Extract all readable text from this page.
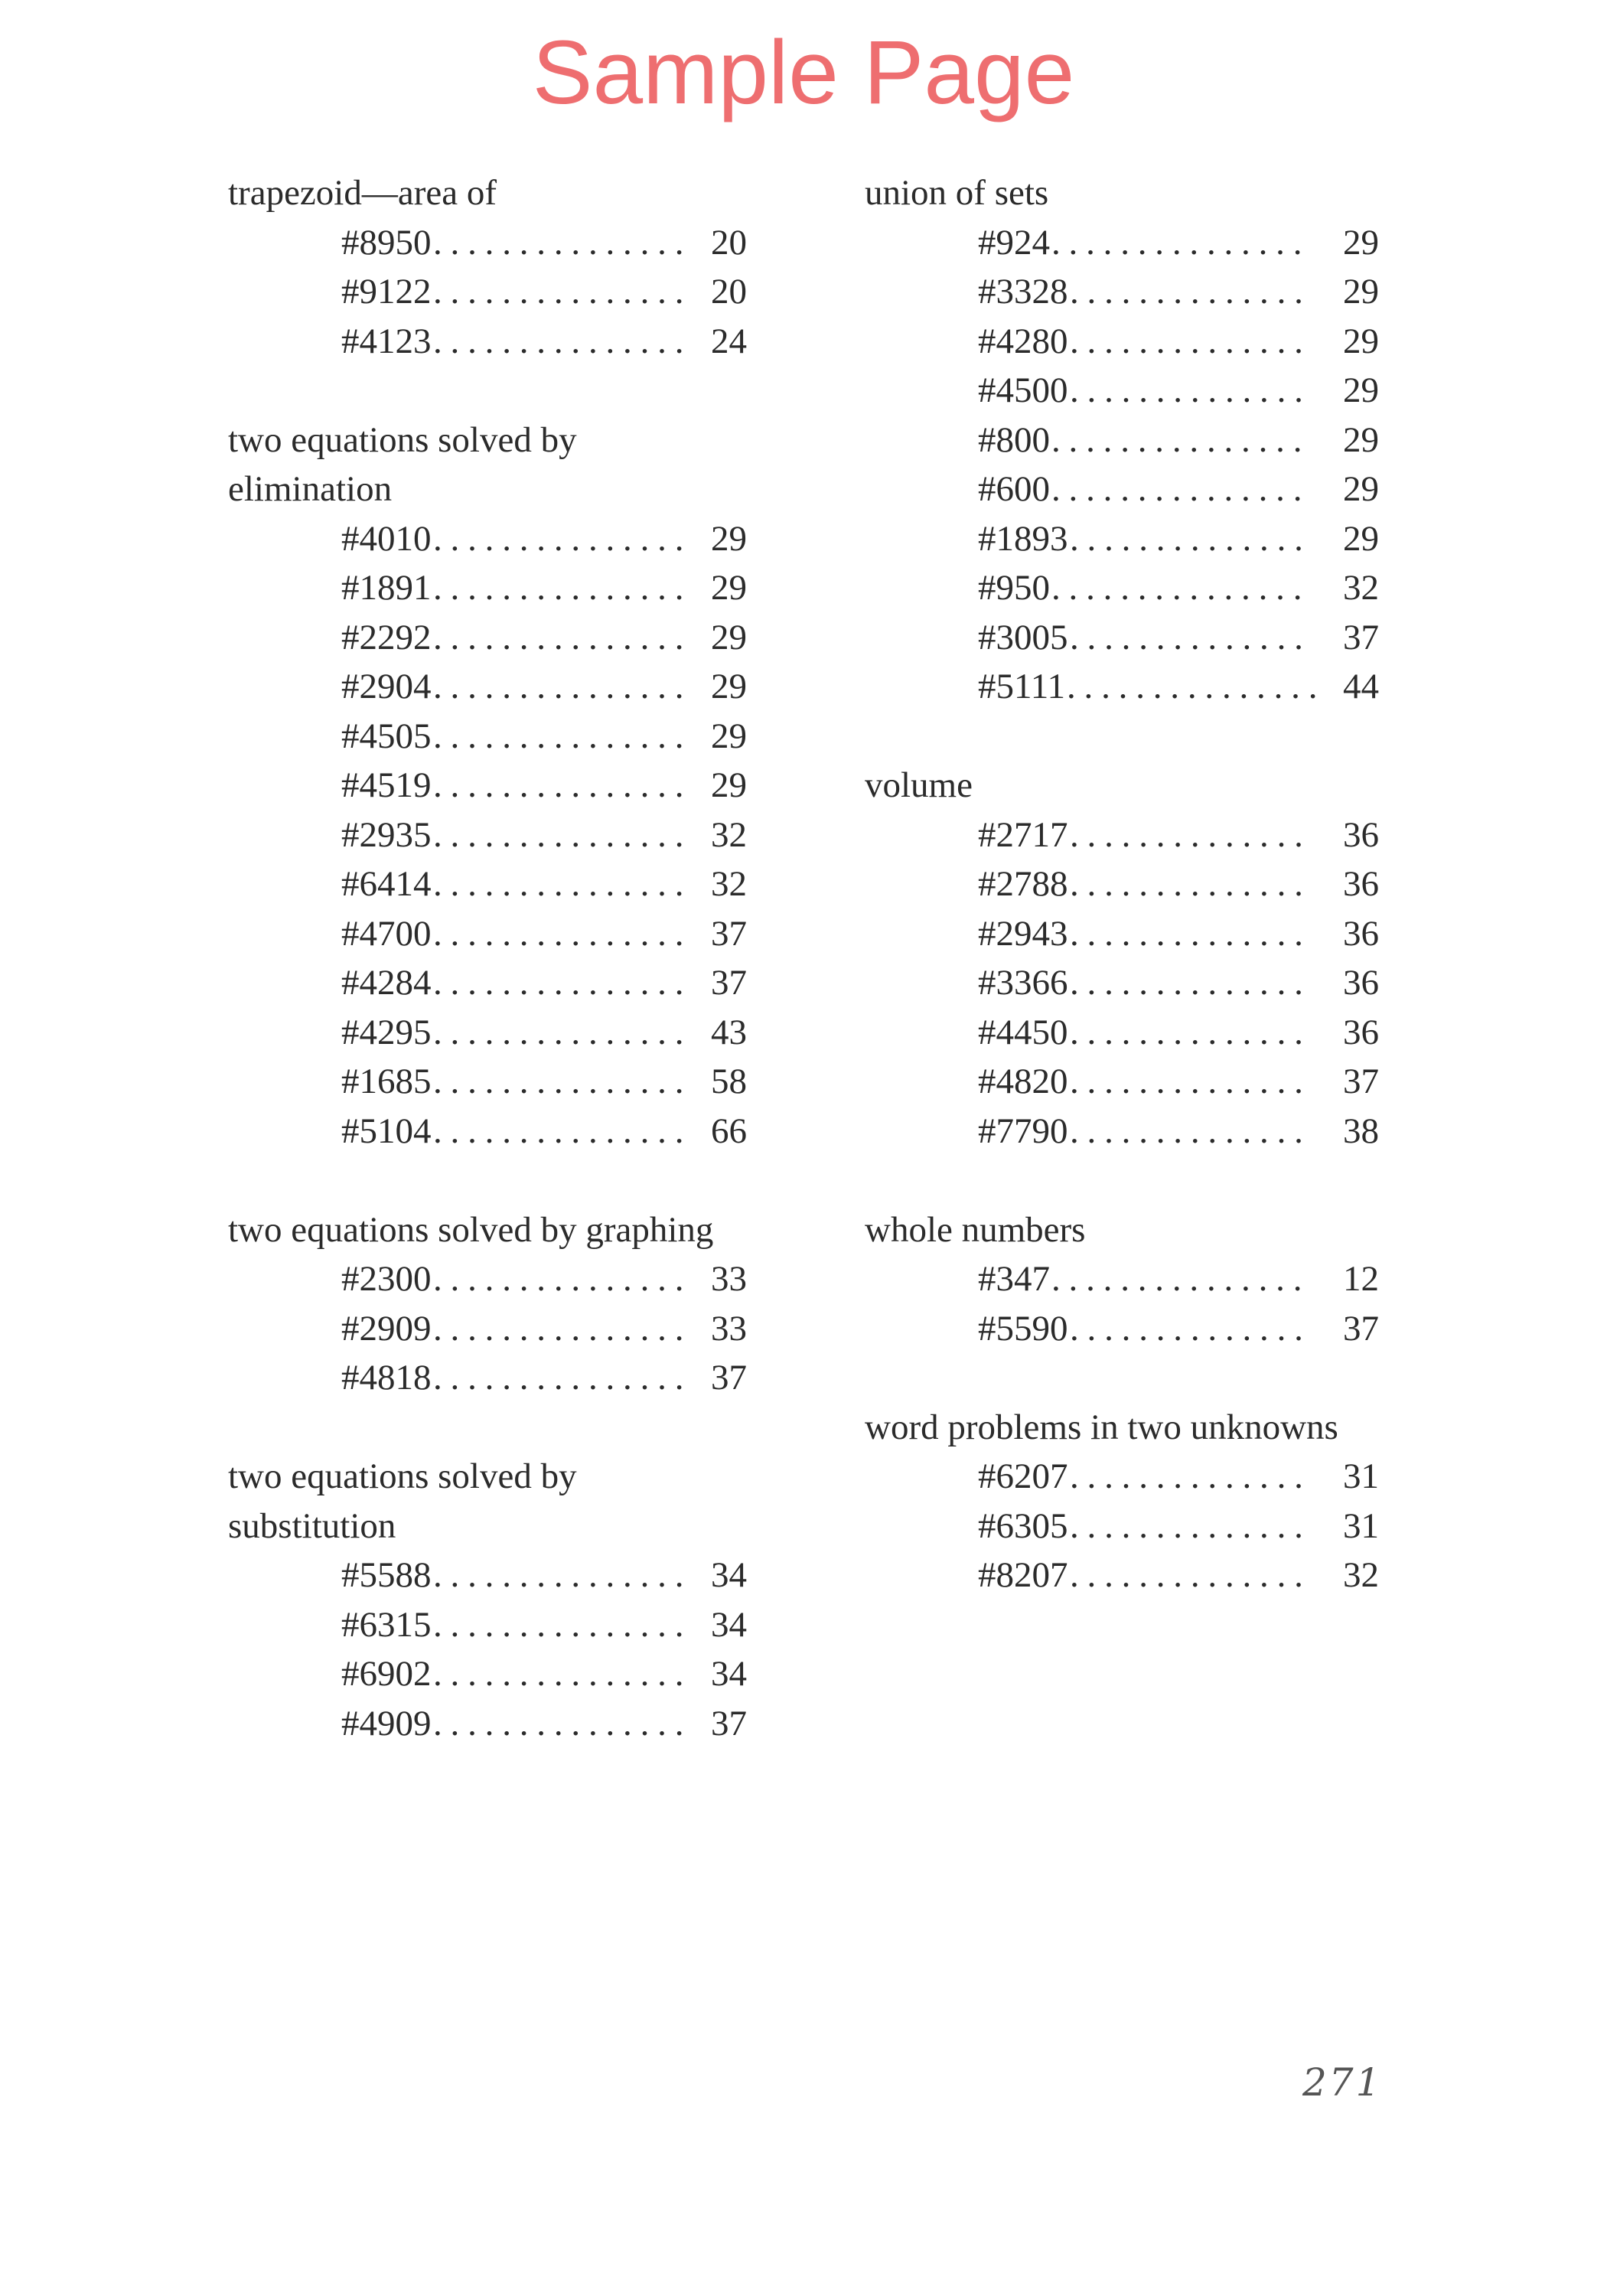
Sample Page
trapezoid—area of
...............
#8950	20
...............
#9122	20
...............
#4123	24
two equations solved by elimination
...............
#4010	29
...............
#1891	29
...............
#2292	29
...............
#2904	29
...............
#4505	29
...............
#4519	29
...............
#2935	32
...............
#6414	32
...............
#4700	37
...............
#4284	37
...............
#4295	43
...............
#1685	58
...............
#5104	66
two equations solved by graphing
...............
#2300	33
...............
#2909	33
...............
#4818	37
two equations solved by substitution
...............
#5588	34
...............
#6315	34
...............
#6902	34
...............
#4909	37
union of sets
...............
#924	29
..............
#3328	29
..............
#4280	29
..............
#4500	29
...............
#800	29
...............
#600	29
..............
#1893	29
...............
#950	32
..............
#3005	37
...............
#5111	44
volume
..............
#2717	36
..............
#2788	36
..............
#2943	36
..............
#3366	36
..............
#4450	36
..............
#4820	37
..............
#7790	38
whole numbers
...............
#347	12
..............
#5590	37
word problems in two unknowns
..............
#6207	31
..............
#6305	31
..............
#8207	32
271
